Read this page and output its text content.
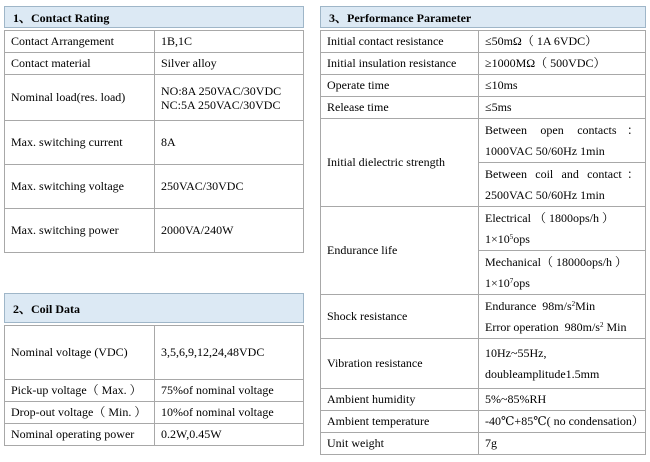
1、Contact Rating
Contact Arrangement	1B,1C
Contact material	Silver alloy
Nominal load(res. load)	NO:8A 250VAC/30VDC
NC:5A 250VAC/30VDC

Max. switching current	8A
Max. switching voltage	250VAC/30VDC
Max. switching power	2000VA/240W
2、Coil Data
Nominal voltage (VDC)	3,5,6,9,12,24,48VDC
Pick-up voltage（ Max. ）	75%of nominal voltage
Drop-out voltage（ Min. ）	10%of nominal voltage
Nominal operating power	0.2W,0.45W
3、Performance Parameter
Initial contact resistance	≤50mΩ（ 1A 6VDC）
Initial insulation resistance	≥1000MΩ（ 500VDC）
Operate time	≤10ms
Release time	≤5ms
Initial dielectric strength	Between open contacts：
1000VAC 50/60Hz 1min

	Between coil and contact：
2500VAC 50/60Hz 1min

Endurance life	Electrical （ 1800ops/h ）
$1\times 10^5ops$

	Mechanical（ 18000ops/h ）
$1\times 10^7ops$

Shock resistance	Endurance  $98m/s^2Min$
Error operation  $980m/s^2$ Min

Vibration resistance	10Hz~55Hz,
doubleamplitude1.5mm

Ambient humidity	5%~85%RH
Ambient temperature	-40℃+85℃( no condensation）
Unit weight	7g
